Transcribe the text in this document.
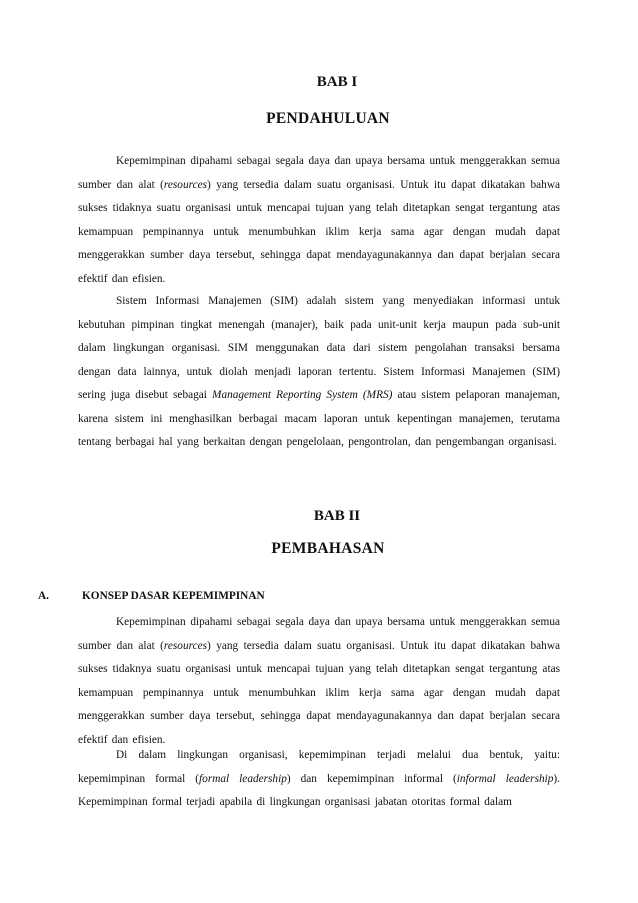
BAB I
PENDAHULUAN

Kepemimpinan dipahami sebagai segala daya dan upaya bersama untuk menggerakkan semua sumber dan alat (resources) yang tersedia dalam suatu organisasi. Untuk itu dapat dikatakan bahwa sukses tidaknya suatu organisasi untuk mencapai tujuan yang telah ditetapkan sengat tergantung atas kemampuan pempinannya untuk menumbuhkan iklim kerja sama agar dengan mudah dapat menggerakkan sumber daya tersebut, sehingga dapat mendayagunakannya dan dapat berjalan secara efektif dan efisien.

Sistem Informasi Manajemen (SIM) adalah sistem yang menyediakan informasi untuk kebutuhan pimpinan tingkat menengah (manajer), baik pada unit-unit kerja maupun pada sub-unit dalam lingkungan organisasi. SIM menggunakan data dari sistem pengolahan transaksi bersama dengan data lainnya, untuk diolah menjadi laporan tertentu. Sistem Informasi Manajemen (SIM) sering juga disebut sebagai Management Reporting System (MRS) atau sistem pelaporan manajeman, karena sistem ini menghasilkan berbagai macam laporan untuk kepentingan manajemen, terutama tentang berbagai hal yang berkaitan dengan pengelolaan, pengontrolan, dan pengembangan organisasi.

BAB II
PEMBAHASAN
A.	KONSEP DASAR KEPEMIMPINAN

Kepemimpinan dipahami sebagai segala daya dan upaya bersama untuk menggerakkan semua sumber dan alat (resources) yang tersedia dalam suatu organisasi. Untuk itu dapat dikatakan bahwa sukses tidaknya suatu organisasi untuk mencapai tujuan yang telah ditetapkan sengat tergantung atas kemampuan pempinannya untuk menumbuhkan iklim kerja sama agar dengan mudah dapat menggerakkan sumber daya tersebut, sehingga dapat mendayagunakannya dan dapat berjalan secara efektif dan efisien.

Di dalam lingkungan organisasi, kepemimpinan terjadi melalui dua bentuk, yaitu: kepemimpinan formal (formal leadership) dan kepemimpinan informal (informal leadership). Kepemimpinan formal terjadi apabila di lingkungan organisasi jabatan otoritas formal dalam
